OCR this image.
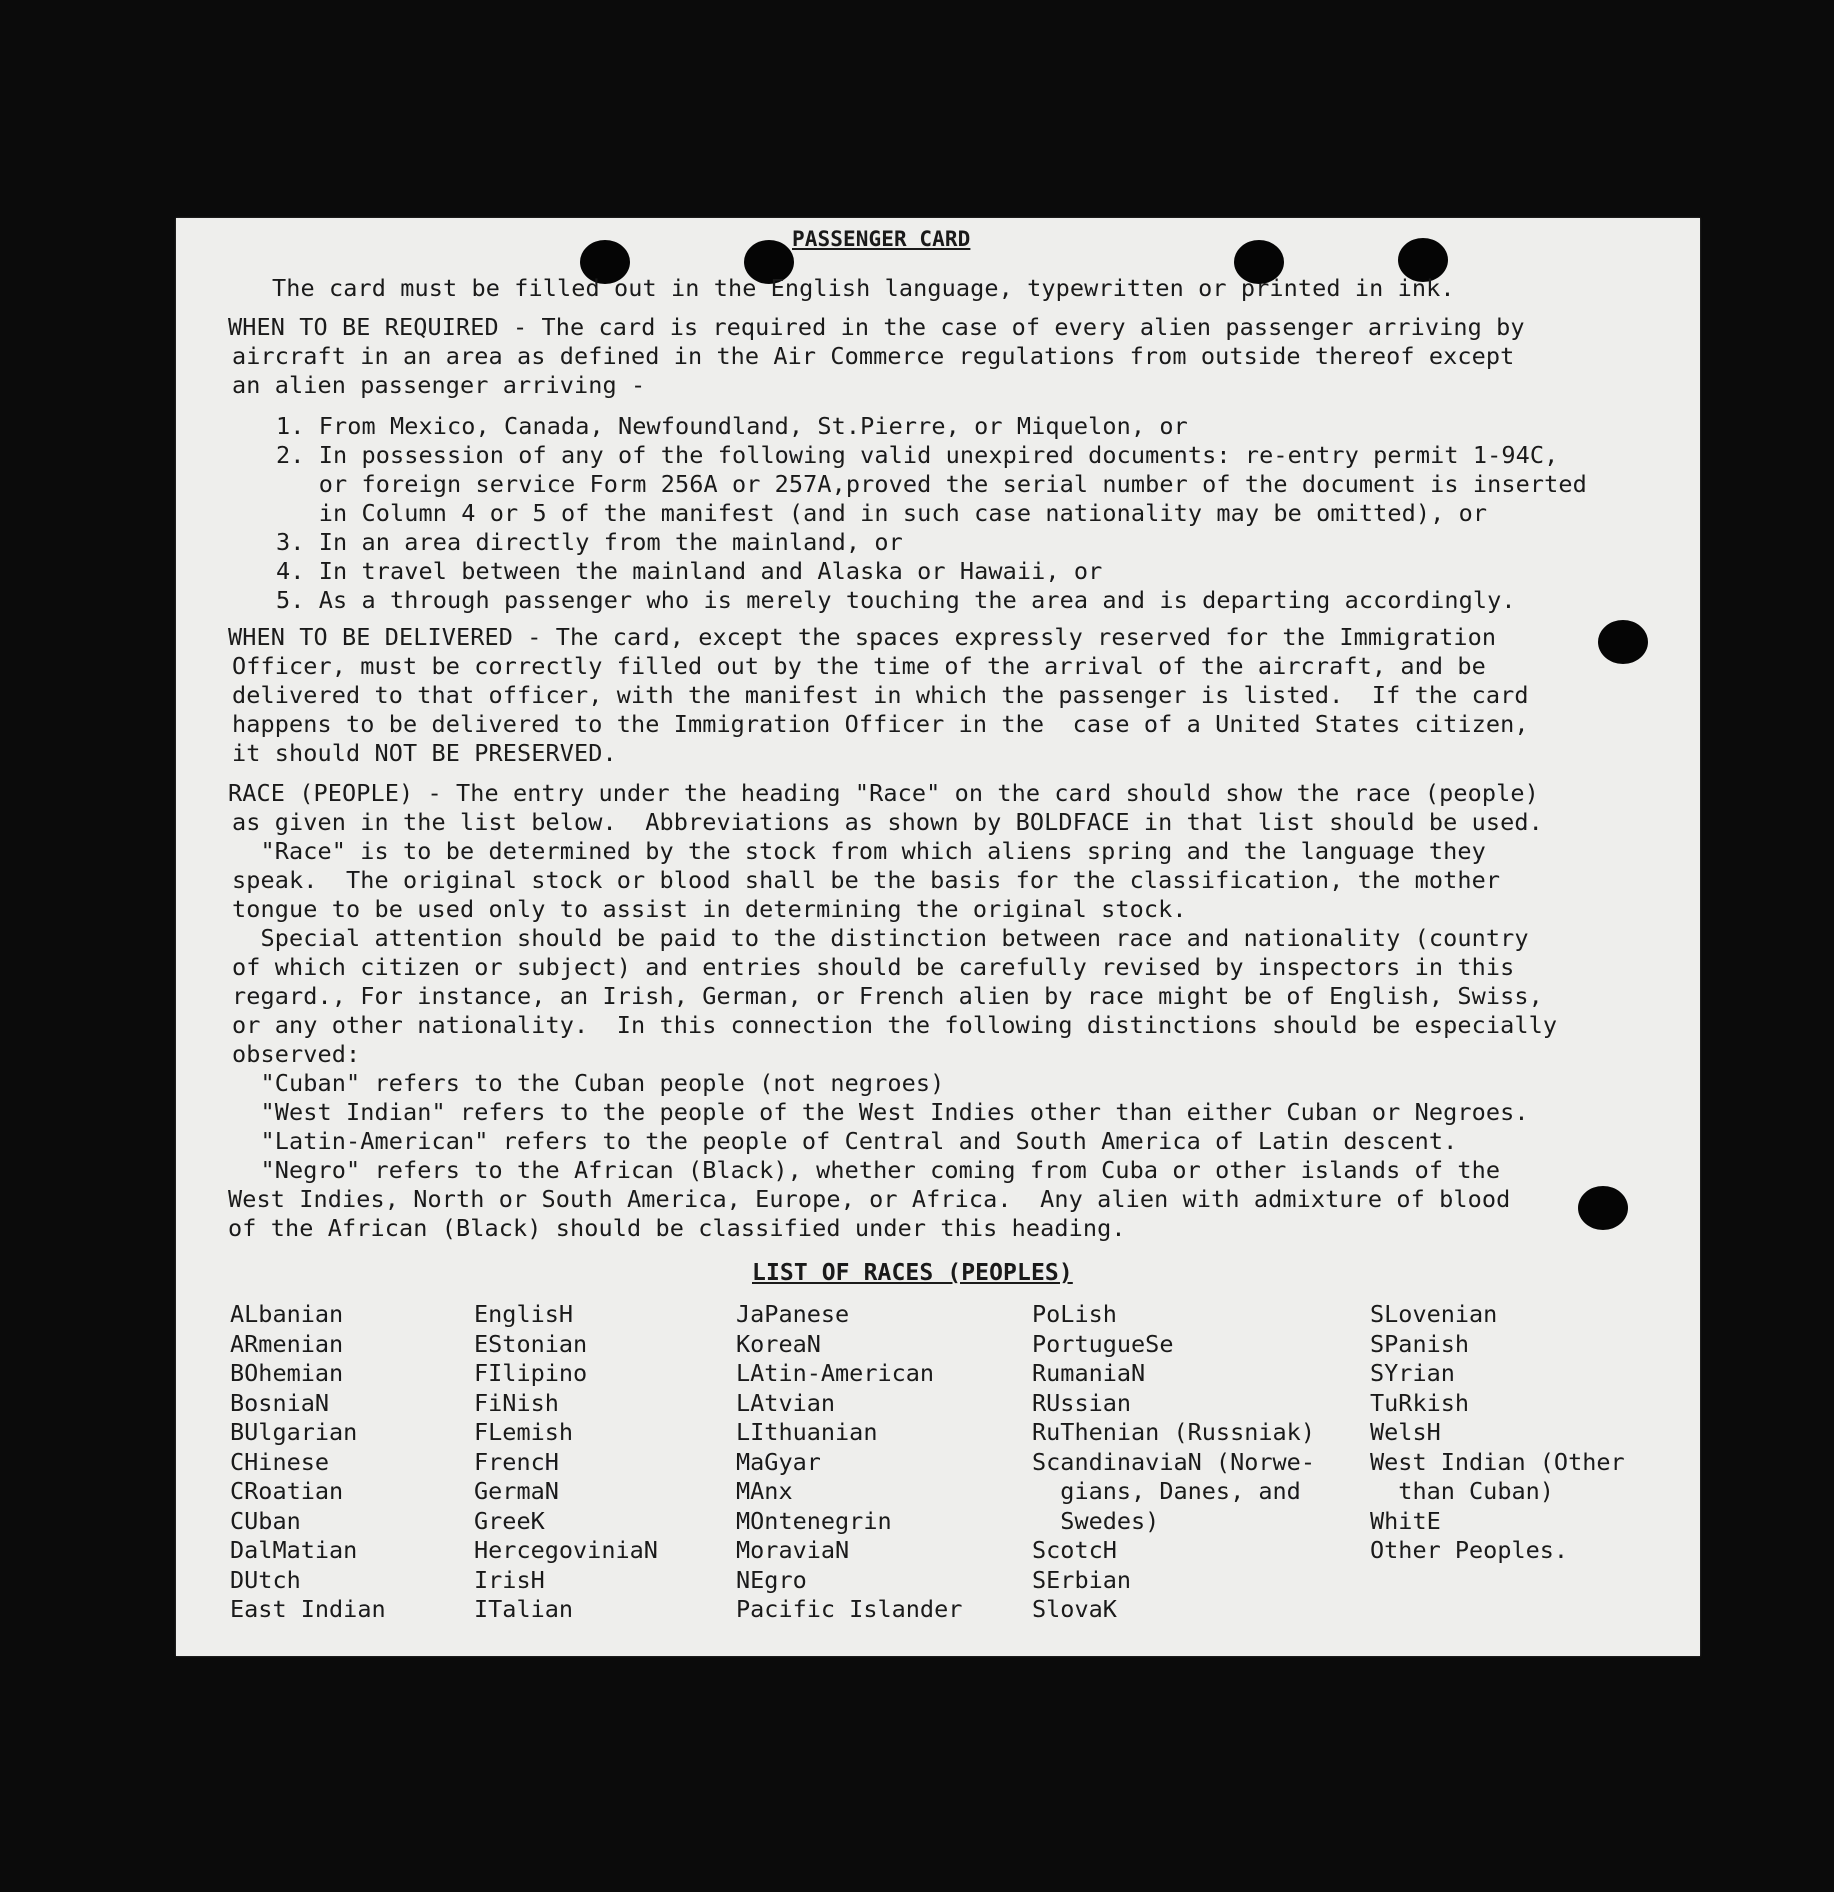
PASSENGER CARD
The card must be filled out in the English language, typewritten or printed in ink.
WHEN TO BE REQUIRED - The card is required in the case of every alien passenger arriving by
aircraft in an area as defined in the Air Commerce regulations from outside thereof except
an alien passenger arriving -
1. From Mexico, Canada, Newfoundland, St.Pierre, or Miquelon, or
2. In possession of any of the following valid unexpired documents: re-entry permit 1-94C,
or foreign service Form 256A or 257A,proved the serial number of the document is inserted
in Column 4 or 5 of the manifest (and in such case nationality may be omitted), or
3. In an area directly from the mainland, or
4. In travel between the mainland and Alaska or Hawaii, or
5. As a through passenger who is merely touching the area and is departing accordingly.
WHEN TO BE DELIVERED - The card, except the spaces expressly reserved for the Immigration
Officer, must be correctly filled out by the time of the arrival of the aircraft, and be
delivered to that officer, with the manifest in which the passenger is listed.  If the card
happens to be delivered to the Immigration Officer in the  case of a United States citizen,
it should NOT BE PRESERVED.
RACE (PEOPLE) - The entry under the heading "Race" on the card should show the race (people)
as given in the list below.  Abbreviations as shown by BOLDFACE in that list should be used.
"Race" is to be determined by the stock from which aliens spring and the language they
speak.  The original stock or blood shall be the basis for the classification, the mother
tongue to be used only to assist in determining the original stock.
Special attention should be paid to the distinction between race and nationality (country
of which citizen or subject) and entries should be carefully revised by inspectors in this
regard., For instance, an Irish, German, or French alien by race might be of English, Swiss,
or any other nationality.  In this connection the following distinctions should be especially
observed:
"Cuban" refers to the Cuban people (not negroes)
"West Indian" refers to the people of the West Indies other than either Cuban or Negroes.
"Latin-American" refers to the people of Central and South America of Latin descent.
"Negro" refers to the African (Black), whether coming from Cuba or other islands of the
West Indies, North or South America, Europe, or Africa.  Any alien with admixture of blood
of the African (Black) should be classified under this heading.
LIST OF RACES (PEOPLES)
ALbanian
ARmenian
BOhemian
BosniaN
BUlgarian
CHinese
CRoatian
CUban
DalMatian
DUtch
East Indian
EnglisH
EStonian
FIlipino
FiNish
FLemish
FrencH
GermaN
GreeK
HercegoviniaN
IrisH
ITalian
JaPanese
KoreaN
LAtin-American
LAtvian
LIthuanian
MaGyar
MAnx
MOntenegrin
MoraviaN
NEgro
Pacific Islander
PoLish
PortugueSe
RumaniaN
RUssian
RuThenian (Russniak)
ScandinaviaN (Norwe-
gians, Danes, and
Swedes)
ScotcH
SErbian
SlovaK
SLovenian
SPanish
SYrian
TuRkish
WelsH
West Indian (Other
than Cuban)
WhitE
Other Peoples.
